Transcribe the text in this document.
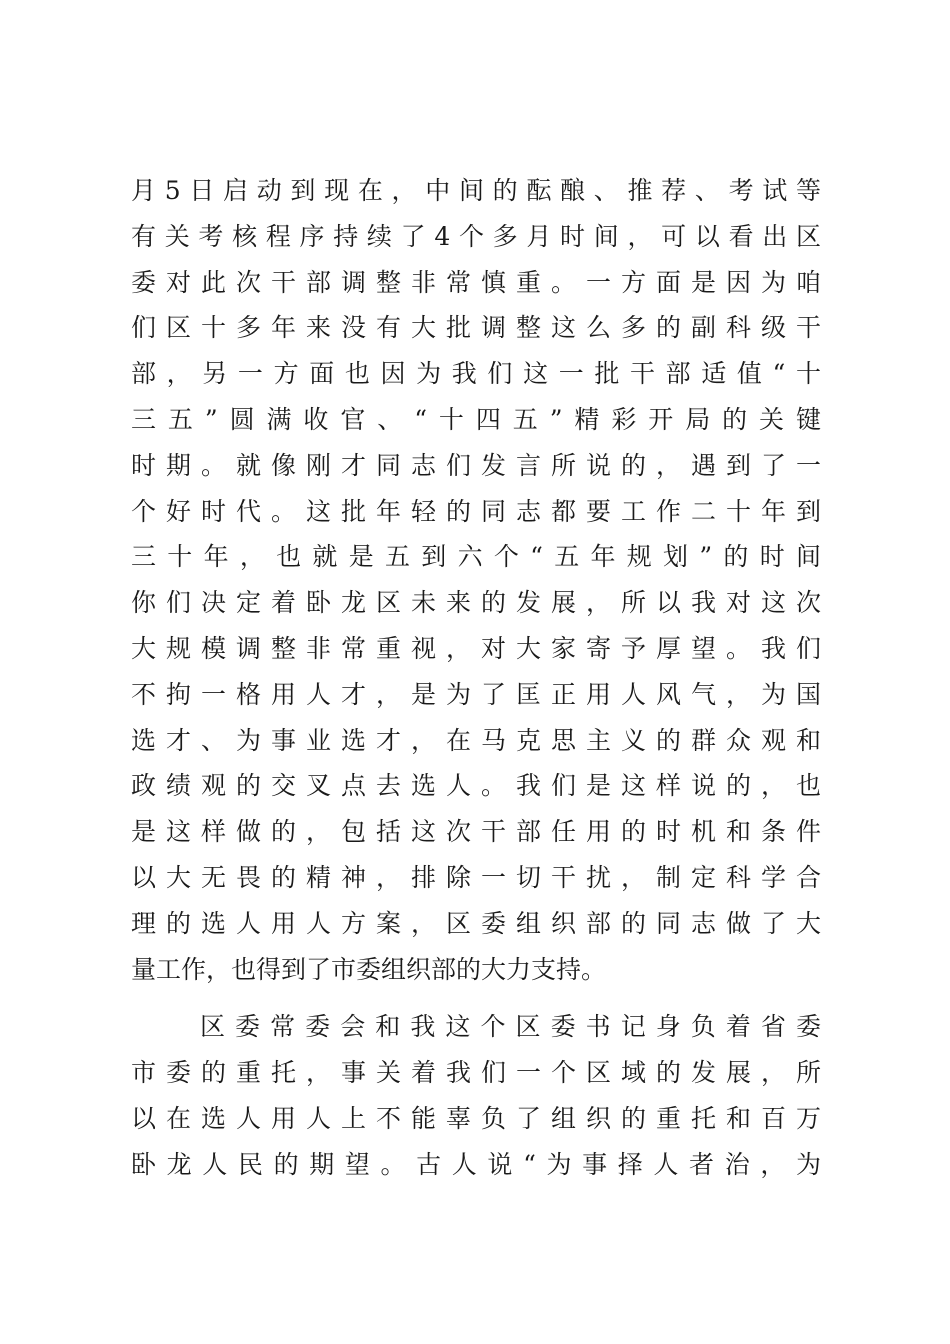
月5日启动到现在，中间的酝酿、推荐、考试等
有关考核程序持续了4个多月时间，可以看出区
委对此次干部调整非常慎重。一方面是因为咱
们区十多年来没有大批调整这么多的副科级干
部，另一方面也因为我们这一批干部适值“十
三五”圆满收官、“十四五”精彩开局的关键
时期。就像刚才同志们发言所说的，遇到了一
个好时代。这批年轻的同志都要工作二十年到
三十年，也就是五到六个“五年规划”的时间
你们决定着卧龙区未来的发展，所以我对这次
大规模调整非常重视，对大家寄予厚望。我们
不拘一格用人才，是为了匡正用人风气，为国
选才、为事业选才，在马克思主义的群众观和
政绩观的交叉点去选人。我们是这样说的，也
是这样做的，包括这次干部任用的时机和条件
以大无畏的精神，排除一切干扰，制定科学合
理的选人用人方案，区委组织部的同志做了大
量工作，也得到了市委组织部的大力支持。
区委常委会和我这个区委书记身负着省委
市委的重托，事关着我们一个区域的发展，所
以在选人用人上不能辜负了组织的重托和百万
卧龙人民的期望。古人说“为事择人者治，为
